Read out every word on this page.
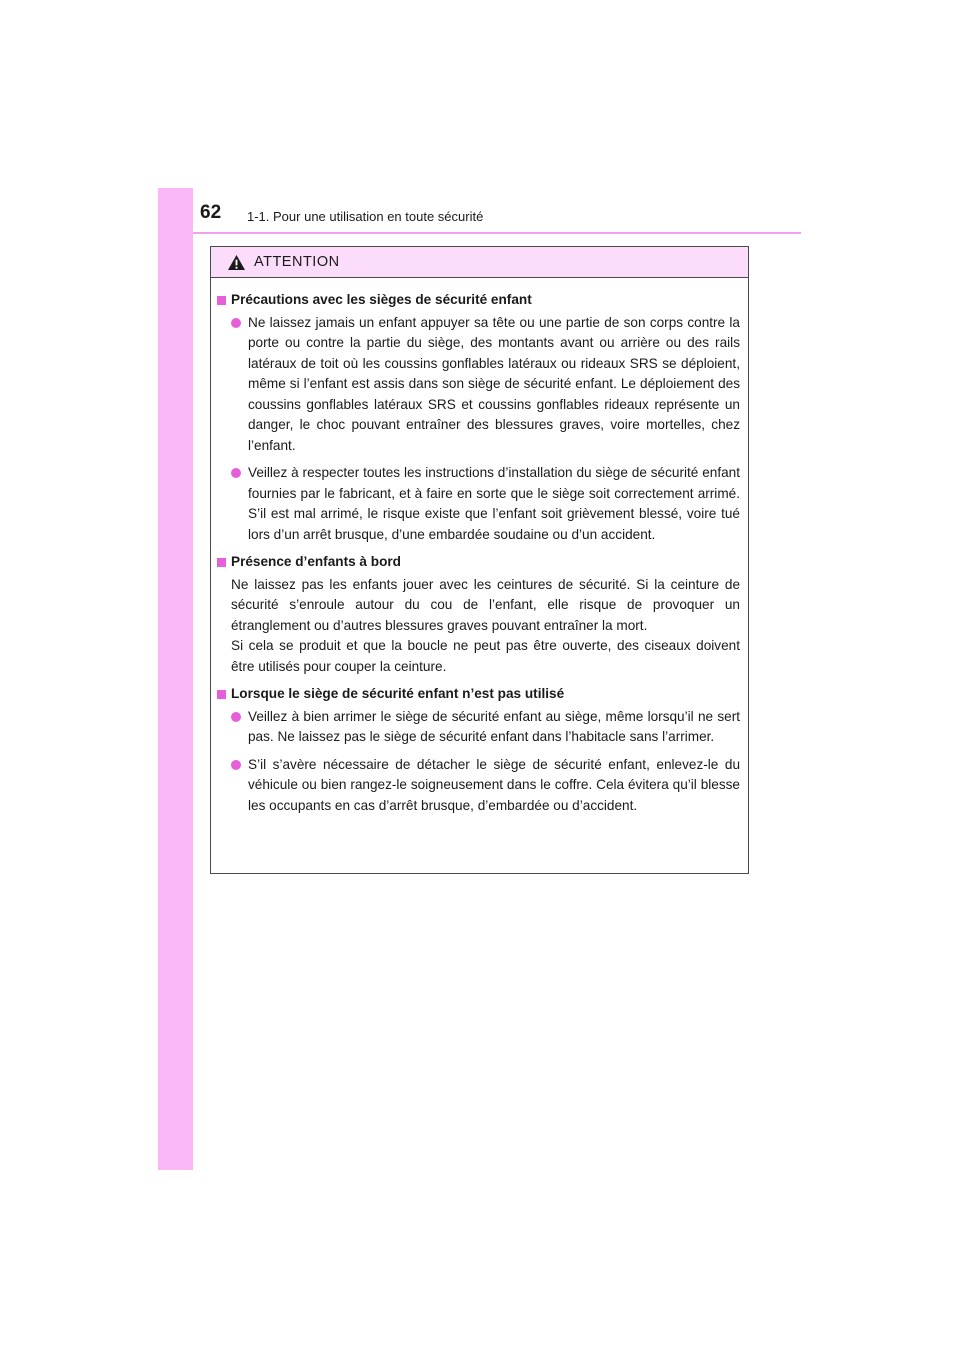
62 1-1. Pour une utilisation en toute sécurité
ATTENTION
Précautions avec les sièges de sécurité enfant
Ne laissez jamais un enfant appuyer sa tête ou une partie de son corps contre la porte ou contre la partie du siège, des montants avant ou arrière ou des rails latéraux de toit où les coussins gonflables latéraux ou rideaux SRS se déploient, même si l’enfant est assis dans son siège de sécurité enfant. Le déploiement des coussins gonflables latéraux SRS et coussins gonflables rideaux représente un danger, le choc pouvant entraîner des blessures graves, voire mortelles, chez l’enfant.
Veillez à respecter toutes les instructions d’installation du siège de sécurité enfant fournies par le fabricant, et à faire en sorte que le siège soit correctement arrimé. S’il est mal arrimé, le risque existe que l’enfant soit grièvement blessé, voire tué lors d’un arrêt brusque, d’une embardée soudaine ou d’un accident.
Présence d’enfants à bord
Ne laissez pas les enfants jouer avec les ceintures de sécurité. Si la ceinture de sécurité s’enroule autour du cou de l’enfant, elle risque de provoquer un étranglement ou d’autres blessures graves pouvant entraîner la mort.
Si cela se produit et que la boucle ne peut pas être ouverte, des ciseaux doivent être utilisés pour couper la ceinture.
Lorsque le siège de sécurité enfant n’est pas utilisé
Veillez à bien arrimer le siège de sécurité enfant au siège, même lorsqu’il ne sert pas. Ne laissez pas le siège de sécurité enfant dans l’habitacle sans l’arrimer.
S’il s’avère nécessaire de détacher le siège de sécurité enfant, enlevez-le du véhicule ou bien rangez-le soigneusement dans le coffre. Cela évitera qu’il blesse les occupants en cas d’arrêt brusque, d’embardée ou d’accident.
